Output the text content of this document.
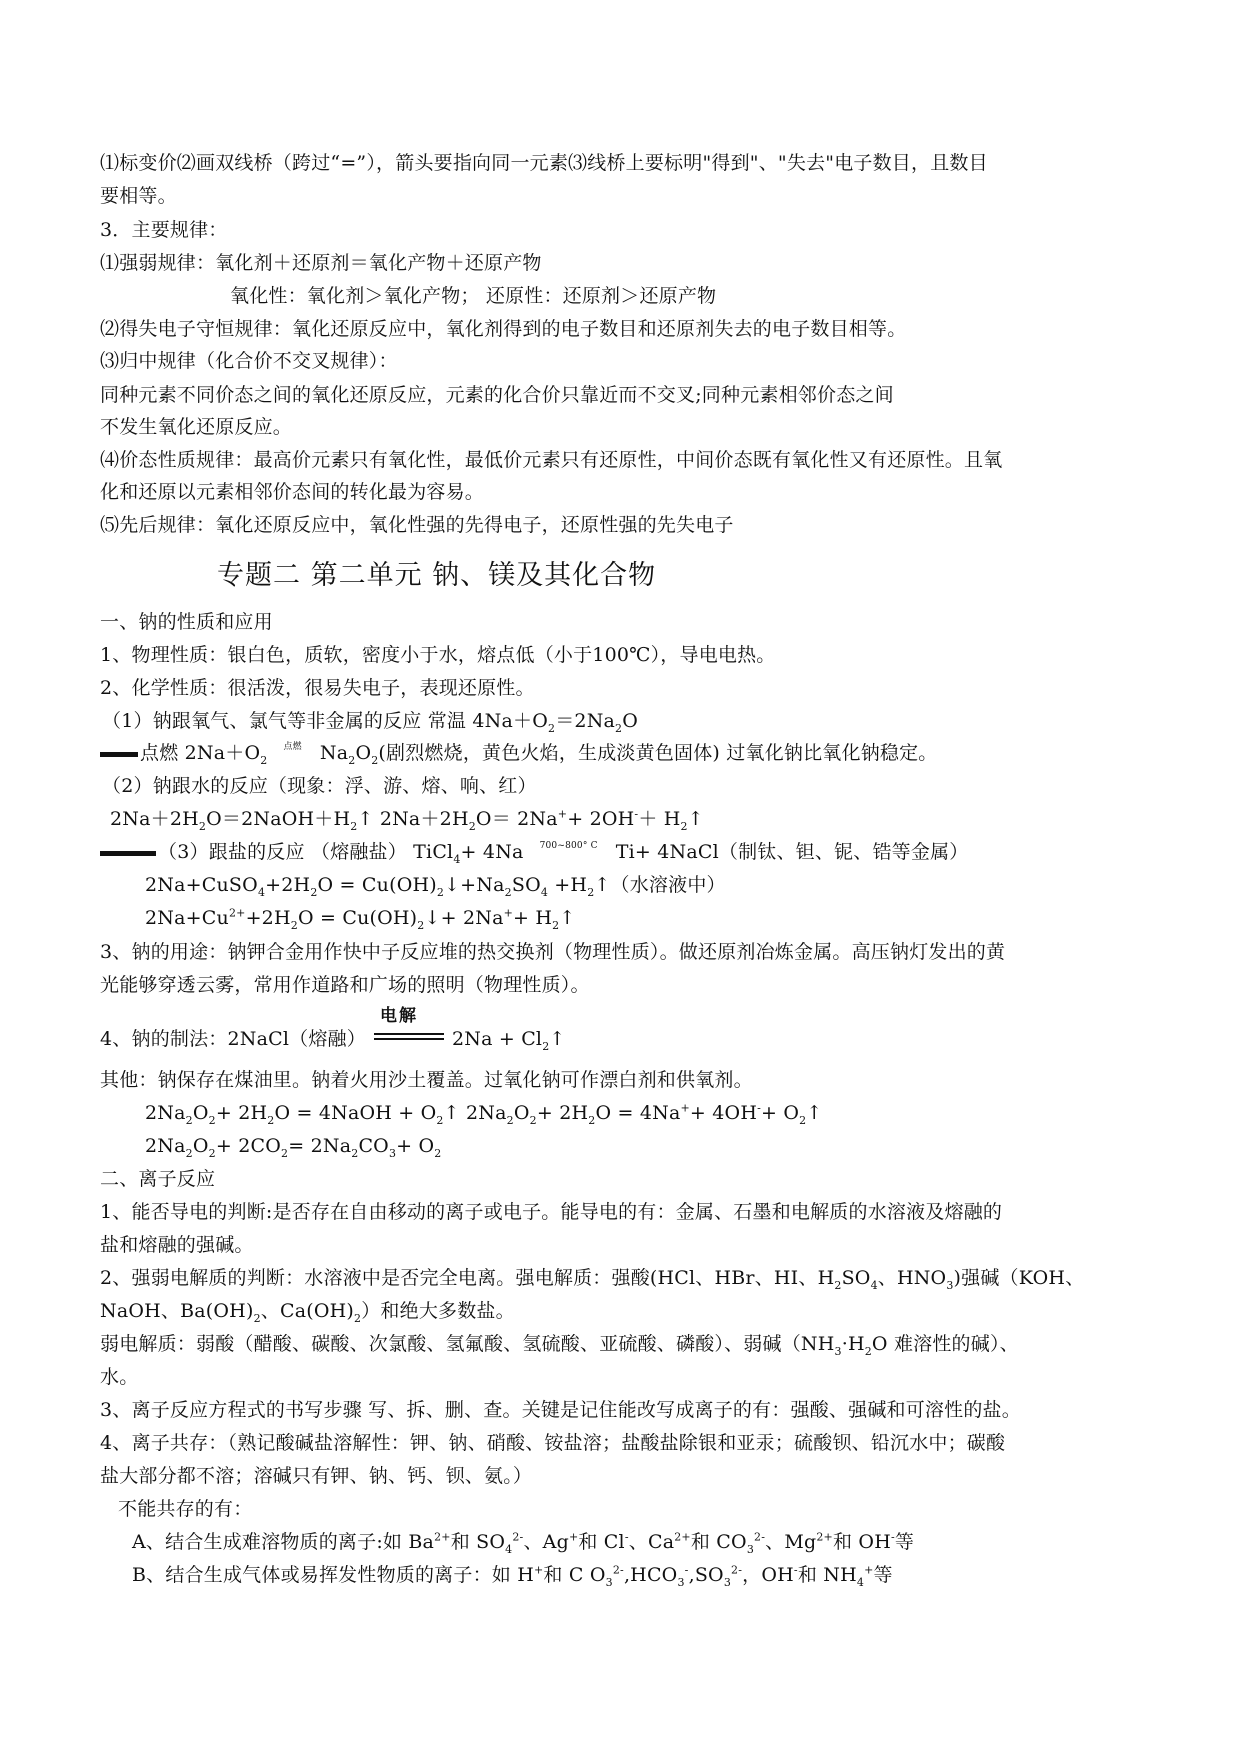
⑴标变价⑵画双线桥（跨过“=”），箭头要指向同一元素⑶线桥上要标明"得到"、"失去"电子数目，且数目
要相等。
3．主要规律：
⑴强弱规律：氧化剂＋还原剂＝氧化产物＋还原产物
氧化性：氧化剂＞氧化产物； 还原性：还原剂＞还原产物
⑵得失电子守恒规律：氧化还原反应中，氧化剂得到的电子数目和还原剂失去的电子数目相等。
⑶归中规律（化合价不交叉规律）：
同种元素不同价态之间的氧化还原反应，元素的化合价只靠近而不交叉;同种元素相邻价态之间
不发生氧化还原反应。
⑷价态性质规律：最高价元素只有氧化性，最低价元素只有还原性，中间价态既有氧化性又有还原性。且氧
化和还原以元素相邻价态间的转化最为容易。
⑸先后规律：氧化还原反应中，氧化性强的先得电子，还原性强的先失电子
专题二 第二单元 钠、镁及其化合物
一、钠的性质和应用
1、物理性质：银白色，质软，密度小于水，熔点低（小于100℃），导电电热。
2、化学性质：很活泼，很易失电子，表现还原性。
（1）钠跟氧气、氯气等非金属的反应 常温 $4Na+O_2=2Na_2O$
点燃 $2Na+O_2^{点燃}$ $Na_2O_2$(剧烈燃烧，黄色火焰，生成淡黄色固体) 过氧化钠比氧化钠稳定。
（2）钠跟水的反应（现象：浮、游、熔、响、红）
$2Na+2H_2O=2NaOH+H_2↑$ $2Na+2H_2O= 2Na^++ 2OH^-+$ $H_2↑$
（3）跟盐的反应 （熔融盐） TiCl$_4$+ 4Na $^{700\sim 800^\circ C}$ Ti+ 4NaCl（制钛、钽、铌、锆等金属）
$2Na+CuSO_4+2H_2O$ = $Cu(OH)_2↓+Na_2SO_4$ $+H_2↑$（水溶液中）
$2Na+Cu^{2+}+2H_2O$ = $Cu(OH)_2↓+ 2Na^++$ $H_2↑$
3、钠的用途：钠钾合金用作快中子反应堆的热交换剂（物理性质）。做还原剂冶炼金属。高压钠灯发出的黄
光能够穿透云雾，常用作道路和广场的照明（物理性质）。
4、钠的制法：2NaCl（熔融）
电解
$2Na + Cl_2↑$
其他：钠保存在煤油里。钠着火用沙土覆盖。过氧化钠可作漂白剂和供氧剂。
$2Na_2O_2+ 2H_2O$ = 4NaOH + $O_2↑$ $2Na_2O_2+ 2H_2O = 4Na^++ 4OH^-+$ $O_2↑$
$2Na_2O_2+ 2CO_2= 2Na_2CO_3+ O_2$
二、离子反应
1、能否导电的判断:是否存在自由移动的离子或电子。能导电的有：金属、石墨和电解质的水溶液及熔融的
盐和熔融的强碱。
2、强弱电解质的判断：水溶液中是否完全电离。强电解质：强酸(HCl、HBr、HI、$H_2SO_4$、$HNO_3$)强碱（KOH、
NaOH、$Ba(OH)_2$、$Ca(OH)_2$）和绝大多数盐。
弱电解质：弱酸（醋酸、碳酸、次氯酸、氢氟酸、氢硫酸、亚硫酸、磷酸）、弱碱（$NH_3\cdot H_2O$ 难溶性的碱）、
水。
3、离子反应方程式的书写步骤 写、拆、删、查。关键是记住能改写成离子的有：强酸、强碱和可溶性的盐。
4、离子共存：（熟记酸碱盐溶解性：钾、钠、硝酸、铵盐溶；盐酸盐除银和亚汞；硫酸钡、铅沉水中；碳酸
盐大部分都不溶；溶碱只有钾、钠、钙、钡、氨。）
不能共存的有：
A、结合生成难溶物质的离子:如 $Ba^{2+}$和 $SO_4^{2-}$、Ag+和 Cl-、$Ca^{2+}$和 $CO_3^{2-}$、$Mg^{2+}$和 OH-等
B、结合生成气体或易挥发性物质的离子：如 H+和 C $O_3^{2-},HCO_3^-,SO_3^{2-}$，OH-和 $NH_4^+$等
